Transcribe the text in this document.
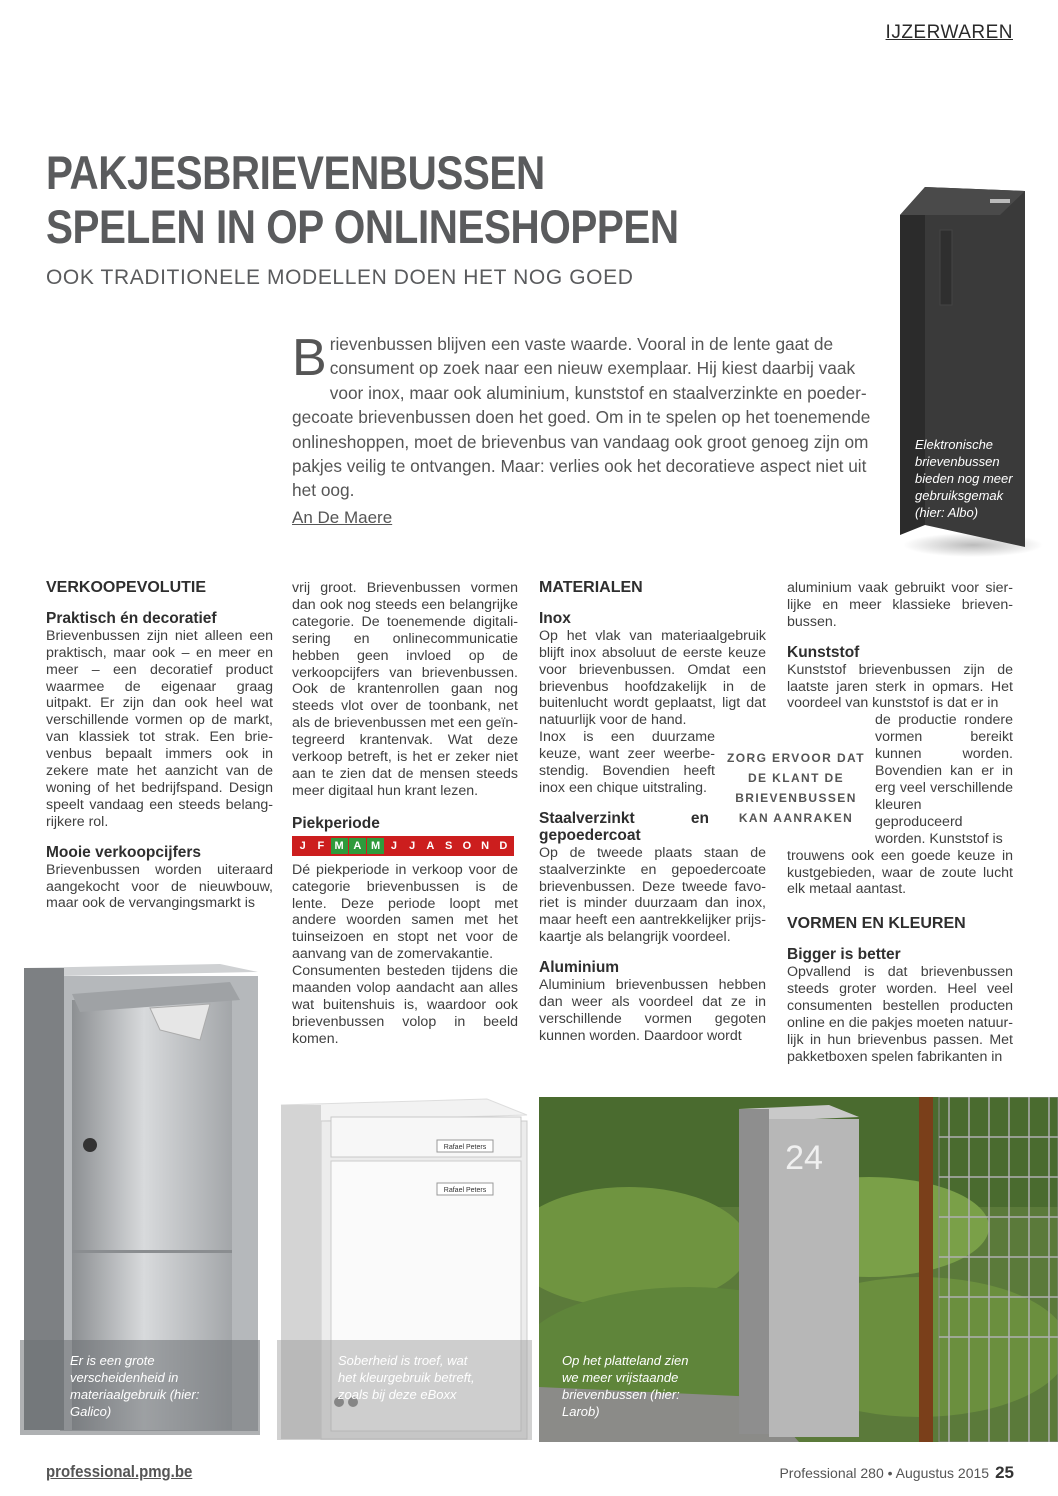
IJZERWAREN
PAKJESBRIEVENBUSSEN
SPELEN IN OP ONLINESHOPPEN
OOK TRADITIONELE MODELLEN DOEN HET NOG GOED
Elektronische brievenbussen bieden nog meer gebruiksgemak (hier: Albo)
Brievenbussen blijven een vaste waarde. Vooral in de lente gaat de consument op zoek naar een nieuw exemplaar. Hij kiest daarbij vaak voor inox, maar ook aluminium, kunststof en staalverzinkte en poedergecoate brievenbussen doen het goed. Om in te spelen op het toenemende onlineshoppen, moet de brievenbus van vandaag ook groot genoeg zijn om pakjes veilig te ontvangen. Maar: verlies ook het decoratieve aspect niet uit het oog.
An De Maere

VERKOOPEVOLUTIE

Praktisch én decoratief

Brievenbussen zijn niet alleen een praktisch, maar ook – en meer en meer – een decoratief product waarmee de eigenaar graag uitpakt. Er zijn dan ook heel wat verschillende vormen op de markt, van klassiek tot strak. Een brievenbus bepaalt immers ook in zekere mate het aanzicht van de woning of het bedrijfspand. Design speelt vandaag een steeds belangrijkere rol.

Mooie verkoopcijfers

Brievenbussen worden uiteraard aangekocht voor de nieuwbouw, maar ook de vervangingsmarkt is

vrij groot. Brievenbussen vormen dan ook nog steeds een belangrijke categorie. De toenemende digitalisering en onlinecommunicatie hebben geen invloed op de verkoopcijfers van brievenbussen. Ook de krantenrollen gaan nog steeds vlot over de toonbank, net als de brievenbussen met een geïntegreerd krantenvak. Wat deze verkoop betreft, is het er zeker niet aan te zien dat de mensen steeds meer digitaal hun krant lezen.

Piekperiode

J	F M A M J	J	A S O N D

Dé piekperiode in verkoop voor de categorie brievenbussen is de lente. Deze periode loopt met andere woorden samen met het tuinseizoen en stopt net voor de aanvang van de zomervakantie.

Consumenten besteden tijdens die maanden volop aandacht aan alles wat buitenshuis is, waardoor ook brievenbussen volop in beeld komen.

MATERIALEN

Inox

Op het vlak van materiaalgebruik blijft inox absoluut de eerste keuze voor brievenbussen. Omdat een brievenbus hoofdzakelijk in de buitenlucht wordt geplaatst, ligt dat natuurlijk voor de hand.

Inox is een duurzame keuze, want zeer weerbestendig. Bovendien heeft inox een chique uitstraling.

Staalverzinkt en gepoedercoat

Op de tweede plaats staan de staalverzinkte en gepoedercoate brievenbussen. Deze tweede favoriet is minder duurzaam dan inox, maar heeft een aantrekkelijker prijskaartje als belangrijk voordeel.

Aluminium

Aluminium brievenbussen hebben dan weer als voordeel dat ze in verschillende vormen gegoten kunnen worden. Daardoor wordt

ZORG ERVOOR DAT DE KLANT DE BRIEVENBUSSEN KAN AANRAKEN

aluminium vaak gebruikt voor sierlijke en meer klassieke brievenbussen.

Kunststof

Kunststof brievenbussen zijn de laatste jaren sterk in opmars. Het voordeel van kunststof is dat er in

de productie rondere vormen bereikt kunnen worden. Bovendien kan er in erg veel verschillende kleuren geproduceerd worden. Kunststof is

trouwens ook een goede keuze in kustgebieden, waar de zoute lucht elk metaal aantast.

VORMEN EN KLEUREN

Bigger is better

Opvallend is dat brievenbussen steeds groter worden. Heel veel consumenten bestellen producten online en die pakjes moeten natuurlijk in hun brievenbus passen. Met pakketboxen spelen fabrikanten in

Er is een grote verscheidenheid in materiaalgebruik (hier: Galico)
Rafael Peters
Rafael Peters
Soberheid is troef, wat het kleurgebruik betreft, zoals bij deze eBoxx
24
Op het platteland zien we meer vrijstaande brievenbussen (hier: Larob)
professional.pmg.be	Professional 280 • Augustus 2015 25
